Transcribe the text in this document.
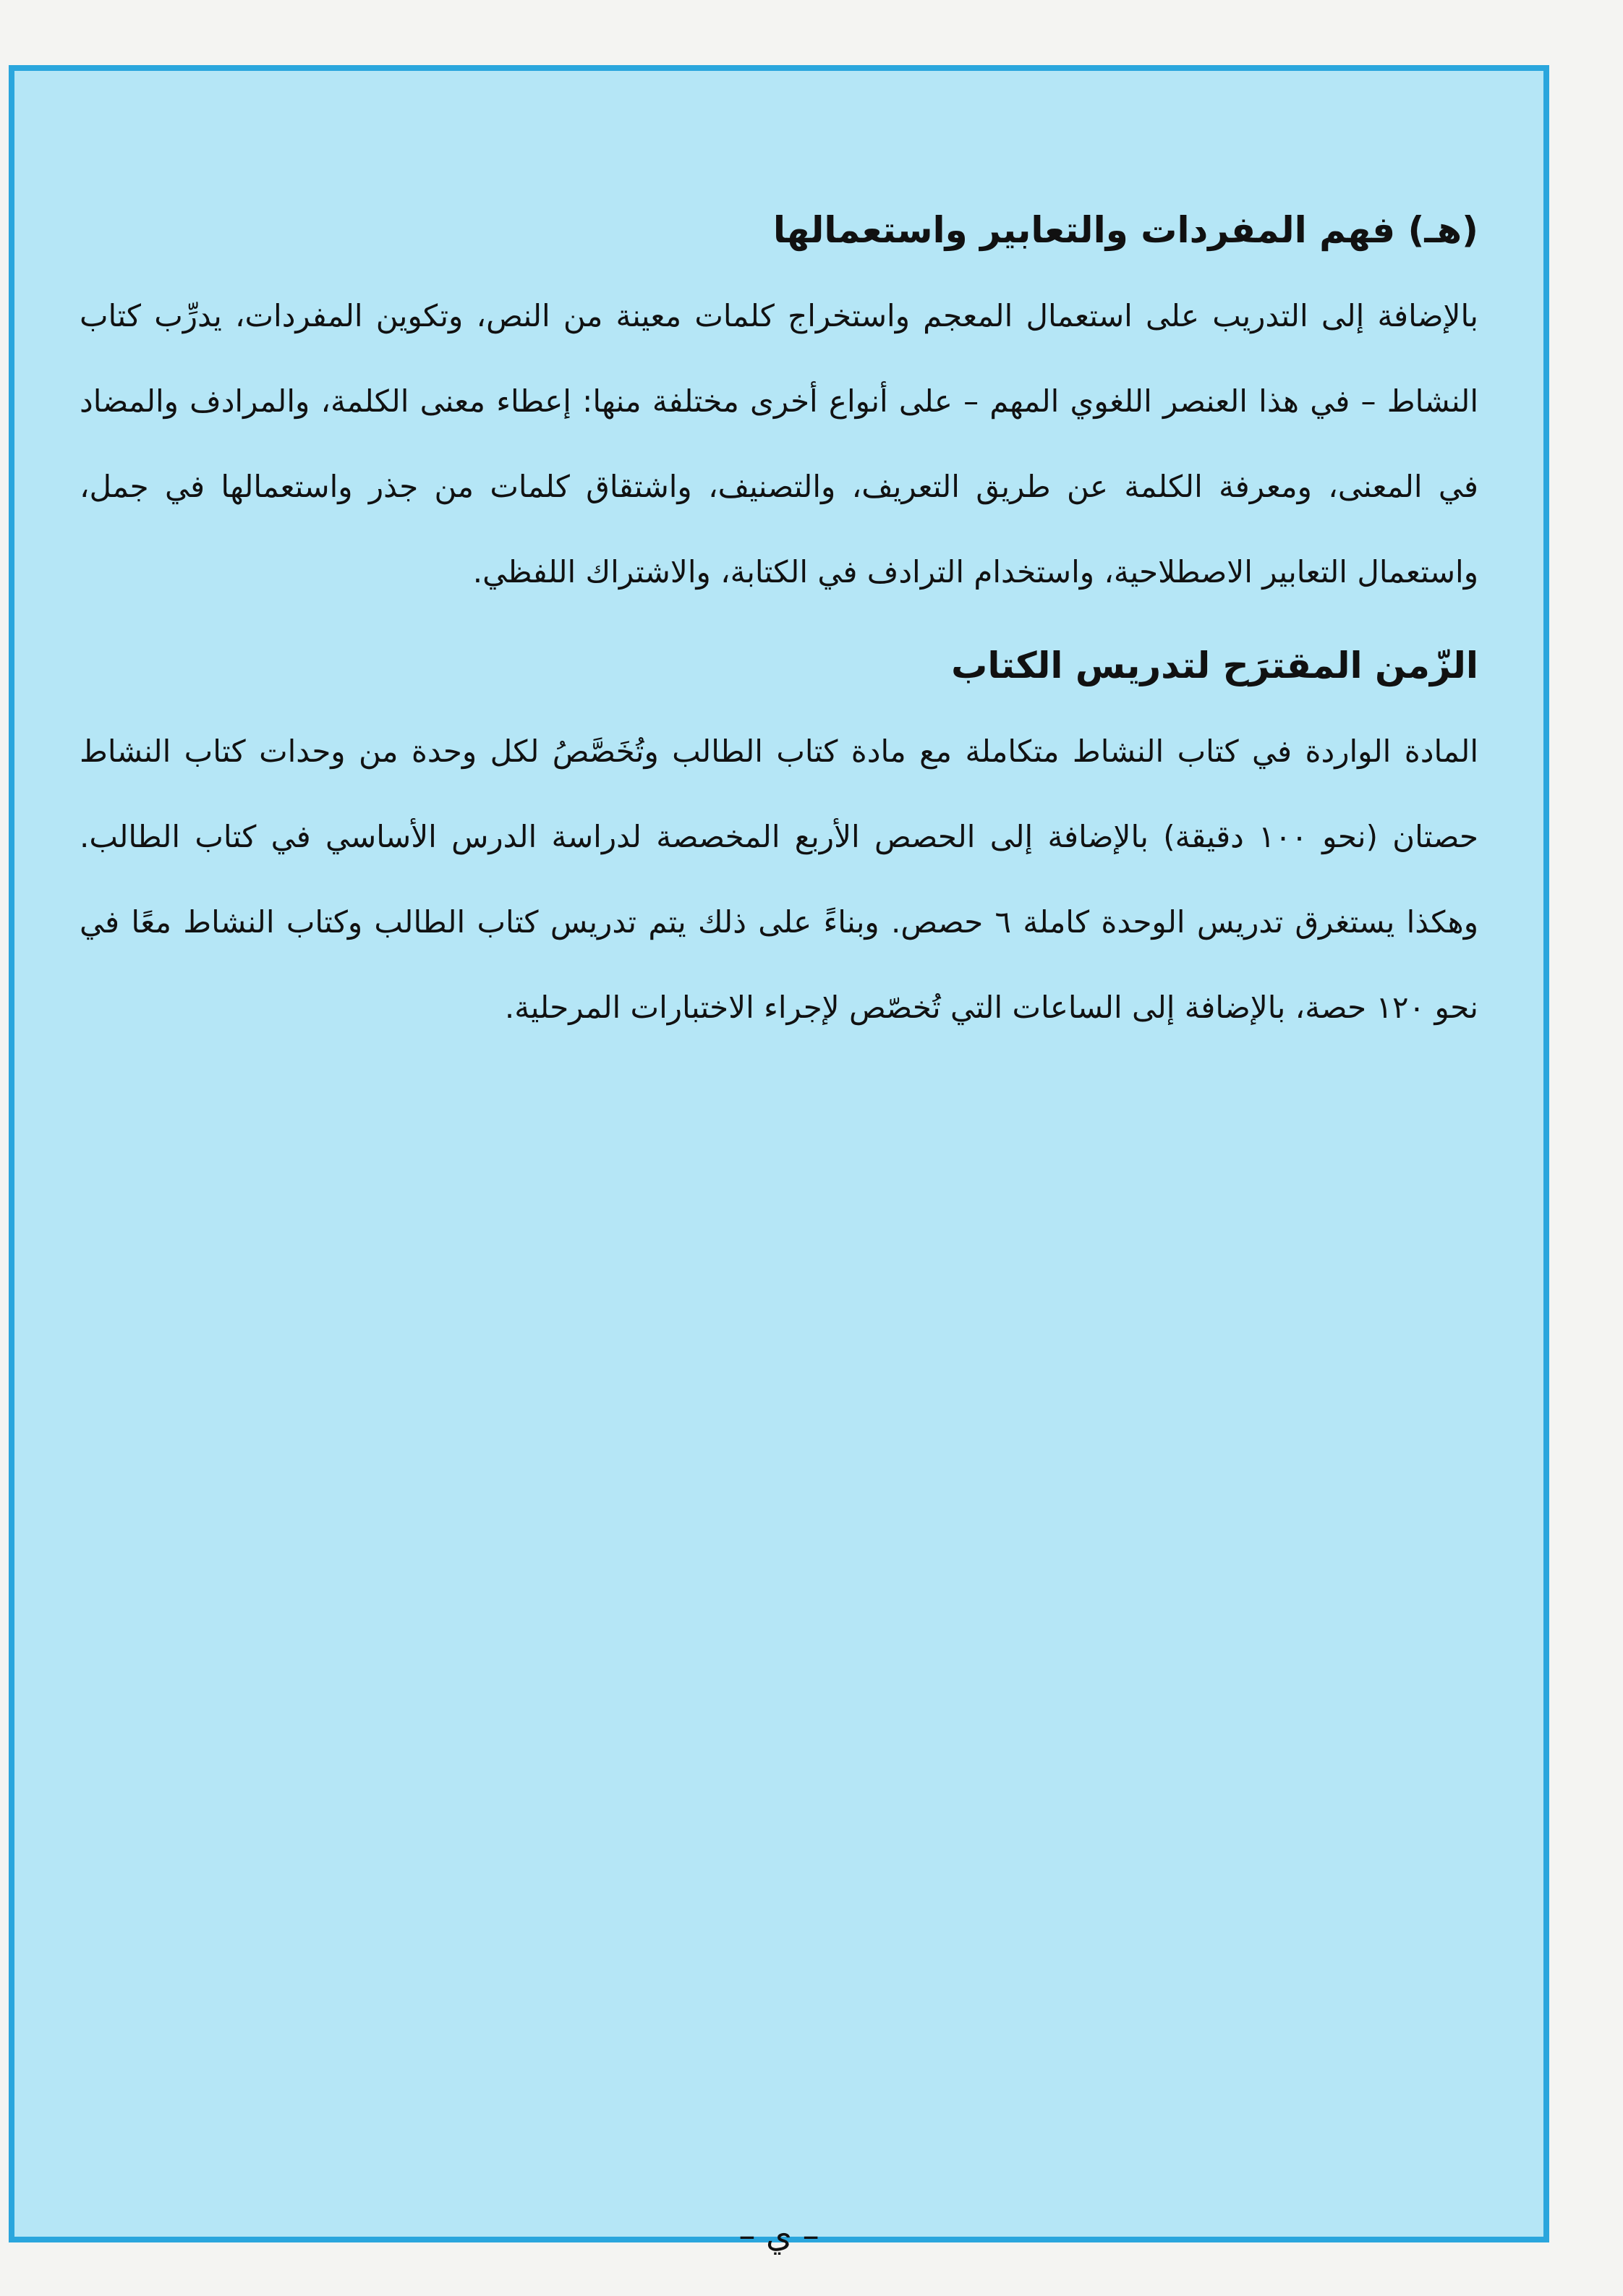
(هـ) فهم المفردات والتعابير واستعمالها

بالإضافة إلى التدريب على استعمال المعجم واستخراج كلمات معينة من النص، وتكوين المفردات، يدرِّب كتاب النشاط – في هذا العنصر اللغوي المهم – على أنواع أخرى مختلفة منها: إعطاء معنى الكلمة، والمرادف والمضاد في المعنى، ومعرفة الكلمة عن طريق التعريف، والتصنيف، واشتقاق كلمات من جذر واستعمالها في جمل، واستعمال التعابير الاصطلاحية، واستخدام الترادف في الكتابة، والاشتراك اللفظي.

الزّمن المقترَح لتدريس الكتاب

المادة الواردة في كتاب النشاط متكاملة مع مادة كتاب الطالب وتُخَصَّصُ لكل وحدة من وحدات كتاب النشاط حصتان (نحو ١٠٠ دقيقة) بالإضافة إلى الحصص الأربع المخصصة لدراسة الدرس الأساسي في كتاب الطالب. وهكذا يستغرق تدريس الوحدة كاملة ٦ حصص. وبناءً على ذلك يتم تدريس كتاب الطالب وكتاب النشاط معًا في نحو ١٢٠ حصة، بالإضافة إلى الساعات التي تُخصّص لإجراء الاختبارات المرحلية.

– ي –
